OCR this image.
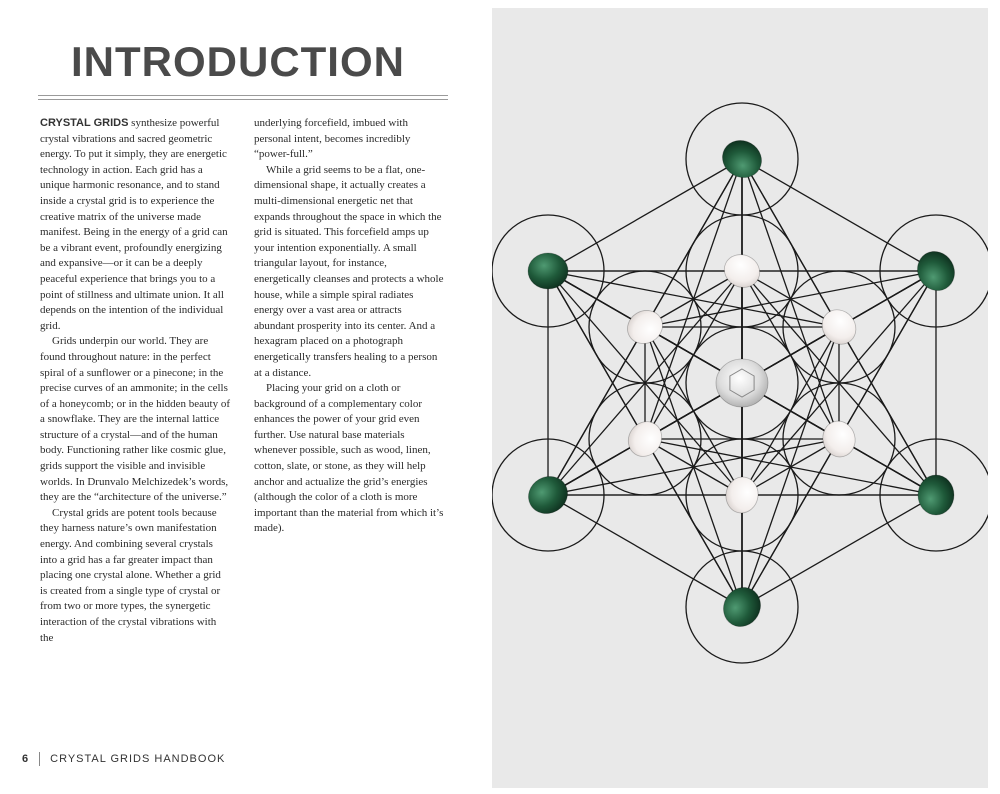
INTRODUCTION

CRYSTAL GRIDS synthesize powerful crystal vibrations and sacred geometric energy. To put it simply, they are energetic technology in action. Each grid has a unique harmonic resonance, and to stand inside a crystal grid is to experience the creative matrix of the universe made manifest. Being in the energy of a grid can be a vibrant event, profoundly energizing and expansive—or it can be a deeply peaceful experience that brings you to a point of stillness and ultimate union. It all depends on the intention of the individual grid.

Grids underpin our world. They are found throughout nature: in the perfect spiral of a sunflower or a pinecone; in the precise curves of an ammonite; in the cells of a honeycomb; or in the hidden beauty of a snowflake. They are the internal lattice structure of a crystal—and of the human body. Functioning rather like cosmic glue, grids support the visible and invisible worlds. In Drunvalo Melchizedek’s words, they are the “architecture of the universe.”

Crystal grids are potent tools because they harness nature’s own manifestation energy. And combining several crystals into a grid has a far greater impact than placing one crystal alone. Whether a grid is created from a single type of crystal or from two or more types, the synergetic interaction of the crystal vibrations with the

underlying forcefield, imbued with personal intent, becomes incredibly “power-full.”

While a grid seems to be a flat, one-dimensional shape, it actually creates a multi-dimensional energetic net that expands throughout the space in which the grid is situated. This forcefield amps up your intention exponentially. A small triangular layout, for instance, energetically cleanses and protects a whole house, while a simple spiral radiates energy over a vast area or attracts abundant prosperity into its center. And a hexagram placed on a photograph energetically transfers healing to a person at a distance.

Placing your grid on a cloth or background of a complementary color enhances the power of your grid even further. Use natural base materials whenever possible, such as wood, linen, cotton, slate, or stone, as they will help anchor and actualize the grid’s energies (although the color of a cloth is more important than the material from which it’s made).

6 CRYSTAL GRIDS HANDBOOK
